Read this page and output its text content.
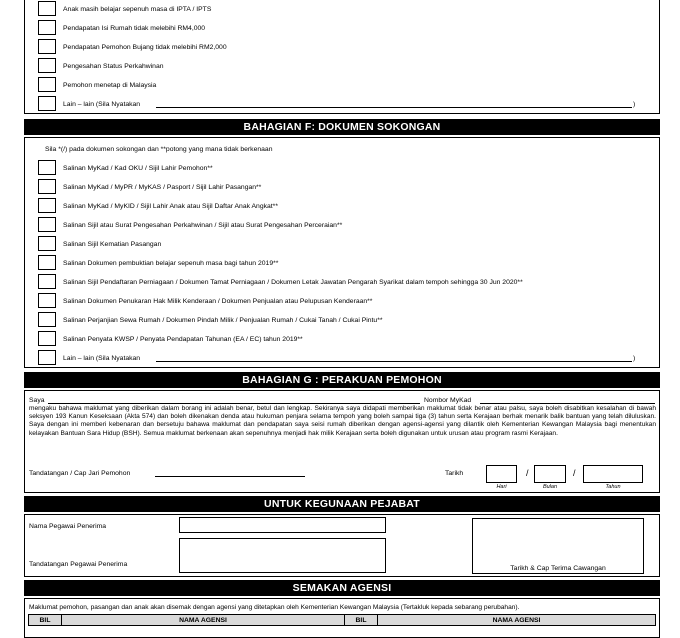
Anak masih belajar sepenuh masa di IPTA / IPTS
Pendapatan Isi Rumah tidak melebihi RM4,000
Pendapatan Pemohon Bujang tidak melebihi RM2,000
Pengesahan Status Perkahwinan
Pemohon menetap di Malaysia
Lain – lain (Sila Nyatakan	)
BAHAGIAN F: DOKUMEN SOKONGAN
Sila *(/) pada dokumen sokongan dan **potong yang mana tidak berkenaan
Salinan MyKad / Kad OKU / Sijil Lahir Pemohon**
Salinan MyKad / MyPR / MyKAS / Pasport / Sijil Lahir Pasangan**
Salinan MyKad / MyKID / Sijil Lahir Anak atau Sijil Daftar Anak Angkat**
Salinan Sijil atau Surat Pengesahan Perkahwinan / Sijil atau Surat Pengesahan Perceraian**
Salinan Sijil Kematian Pasangan
Salinan Dokumen pembuktian belajar sepenuh masa bagi tahun 2019**
Salinan Sijil Pendaftaran Perniagaan / Dokumen Tamat Perniagaan / Dokumen Letak Jawatan Pengarah Syarikat dalam tempoh sehingga 30 Jun 2020**
Salinan Dokumen Penukaran Hak Milik Kenderaan / Dokumen Penjualan atau Pelupusan Kenderaan**
Salinan Perjanjian Sewa Rumah / Dokumen Pindah Milik / Penjualan Rumah / Cukai Tanah / Cukai Pintu**
Salinan Penyata KWSP / Penyata Pendapatan Tahunan (EA / EC) tahun 2019**
Lain – lain (Sila Nyatakan	)
BAHAGIAN G : PERAKUAN PEMOHON
Saya	Nombor MyKad
mengaku bahawa maklumat yang diberikan dalam borang ini adalah benar, betul dan lengkap. Sekiranya saya didapati memberikan maklumat tidak benar atau palsu, saya boleh disabitkan kesalahan di bawah seksyen 193 Kanun Keseksaan (Akta 574) dan boleh dikenakan denda atau hukuman penjara selama tempoh yang boleh sampai tiga (3) tahun serta Kerajaan berhak menarik balik bantuan yang telah diluluskan. Saya dengan ini memberi kebenaran dan bersetuju bahawa maklumat dan pendapatan saya seisi rumah diberikan dengan agensi-agensi yang dilantik oleh Kementerian Kewangan Malaysia bagi menentukan kelayakan Bantuan Sara Hidup (BSH). Semua maklumat berkenaan akan sepenuhnya menjadi hak milik Kerajaan serta boleh digunakan untuk urusan atau program rasmi Kerajaan.
Tandatangan / Cap Jari Pemohon	Tarikh	/	/
Hari	Bulan	Tahun
UNTUK KEGUNAAN PEJABAT
Nama Pegawai Penerima
Tandatangan Pegawai Penerima
Tarikh & Cap Terima Cawangan
SEMAKAN AGENSI
Maklumat pemohon, pasangan dan anak akan disemak dengan agensi yang ditetapkan oleh Kementerian Kewangan Malaysia (Tertakluk kepada sebarang perubahan).
BIL	NAMA AGENSI	BIL	NAMA AGENSI
